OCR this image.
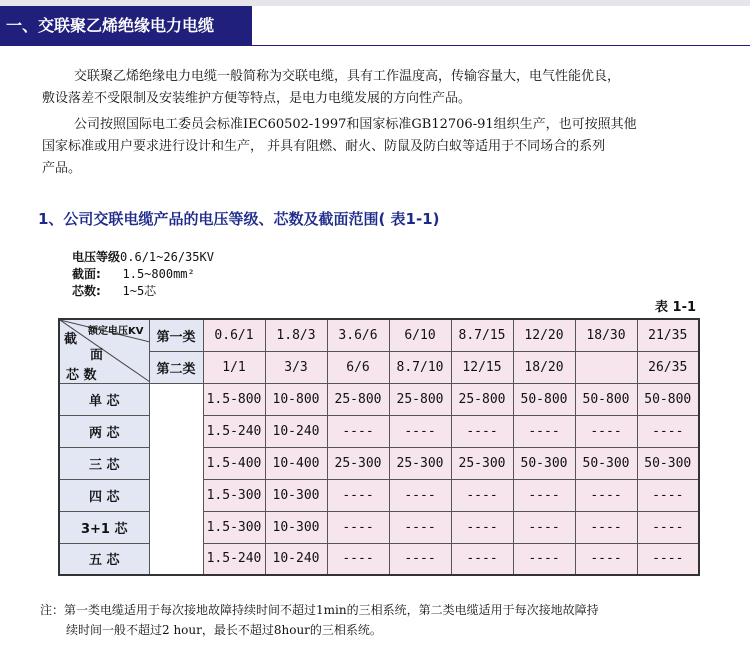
一、交联聚乙烯绝缘电力电缆
交联聚乙烯绝缘电力电缆一般简称为交联电缆，具有工作温度高，传输容量大，电气性能优良，
敷设落差不受限制及安装维护方便等特点，是电力电缆发展的方向性产品。
公司按照国际电工委员会标准IEC60502-1997和国家标准GB12706-91组织生产，也可按照其他
国家标准或用户要求进行设计和生产， 并具有阻燃、耐火、防鼠及防白蚁等适用于不同场合的系列
产品。
1、公司交联电缆产品的电压等级、芯数及截面范围( 表1-1)
电压等级0.6/1~26/35KV
截面: 1.5~800mm²
芯数: 1~5芯
表 1-1
额定电压KV
截
面
芯 数	第一类	0.6/1	1.8/3	3.6/6	6/10	8.7/15	12/20	18/30	21/35
	第二类	1/1	3/3	6/6	8.7/10	12/15	18/20		26/35
单 芯		1.5-800	10-800	25-800	25-800	25-800	50-800	50-800	50-800
两 芯		1.5-240	10-240	----	----	----	----	----	----
三 芯		1.5-400	10-400	25-300	25-300	25-300	50-300	50-300	50-300
四 芯		1.5-300	10-300	----	----	----	----	----	----
3+1 芯		1.5-300	10-300	----	----	----	----	----	----
五 芯		1.5-240	10-240	----	----	----	----	----	----
注：第一类电缆适用于每次接地故障持续时间不超过1min的三相系统，第二类电缆适用于每次接地故障持
续时间一般不超过2 hour，最长不超过8hour的三相系统。
